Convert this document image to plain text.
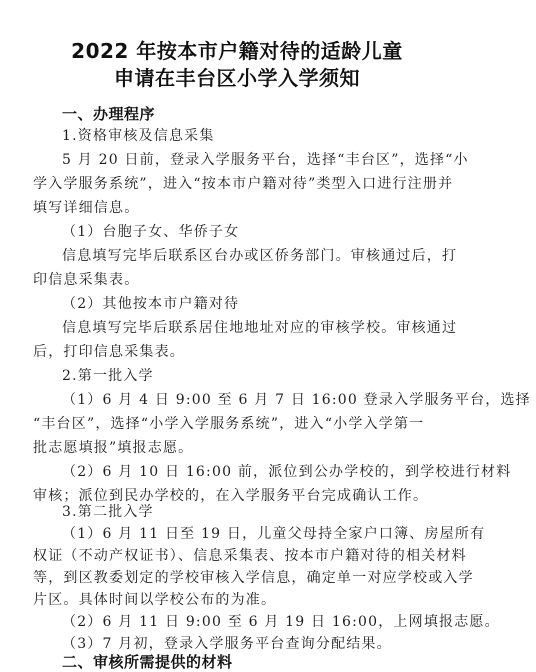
2022 年按本市户籍对待的适龄儿童
申请在丰台区小学入学须知
一、办理程序
1.资格审核及信息采集
5 月 20 日前，登录入学服务平台，选择“丰台区”，选择“小
学入学服务系统”，进入“按本市户籍对待”类型入口进行注册并
填写详细信息。
（1）台胞子女、华侨子女
信息填写完毕后联系区台办或区侨务部门。审核通过后，打
印信息采集表。
（2）其他按本市户籍对待
信息填写完毕后联系居住地地址对应的审核学校。审核通过
后，打印信息采集表。
2.第一批入学
（1）6 月 4 日 9:00 至 6 月 7 日 16:00 登录入学服务平台，选择
“丰台区”，选择“小学入学服务系统”，进入“小学入学第一
批志愿填报”填报志愿。
（2）6 月 10 日 16:00 前，派位到公办学校的，到学校进行材料
审核；派位到民办学校的，在入学服务平台完成确认工作。
3.第二批入学
（1）6 月 11 日至 19 日，儿童父母持全家户口簿、房屋所有
权证（不动产权证书）、信息采集表、按本市户籍对待的相关材料
等，到区教委划定的学校审核入学信息，确定单一对应学校或入学
片区。具体时间以学校公布的为准。
（2）6 月 11 日 9:00 至 6 月 19 日 16:00，上网填报志愿。
（3）7 月初，登录入学服务平台查询分配结果。
二、审核所需提供的材料
